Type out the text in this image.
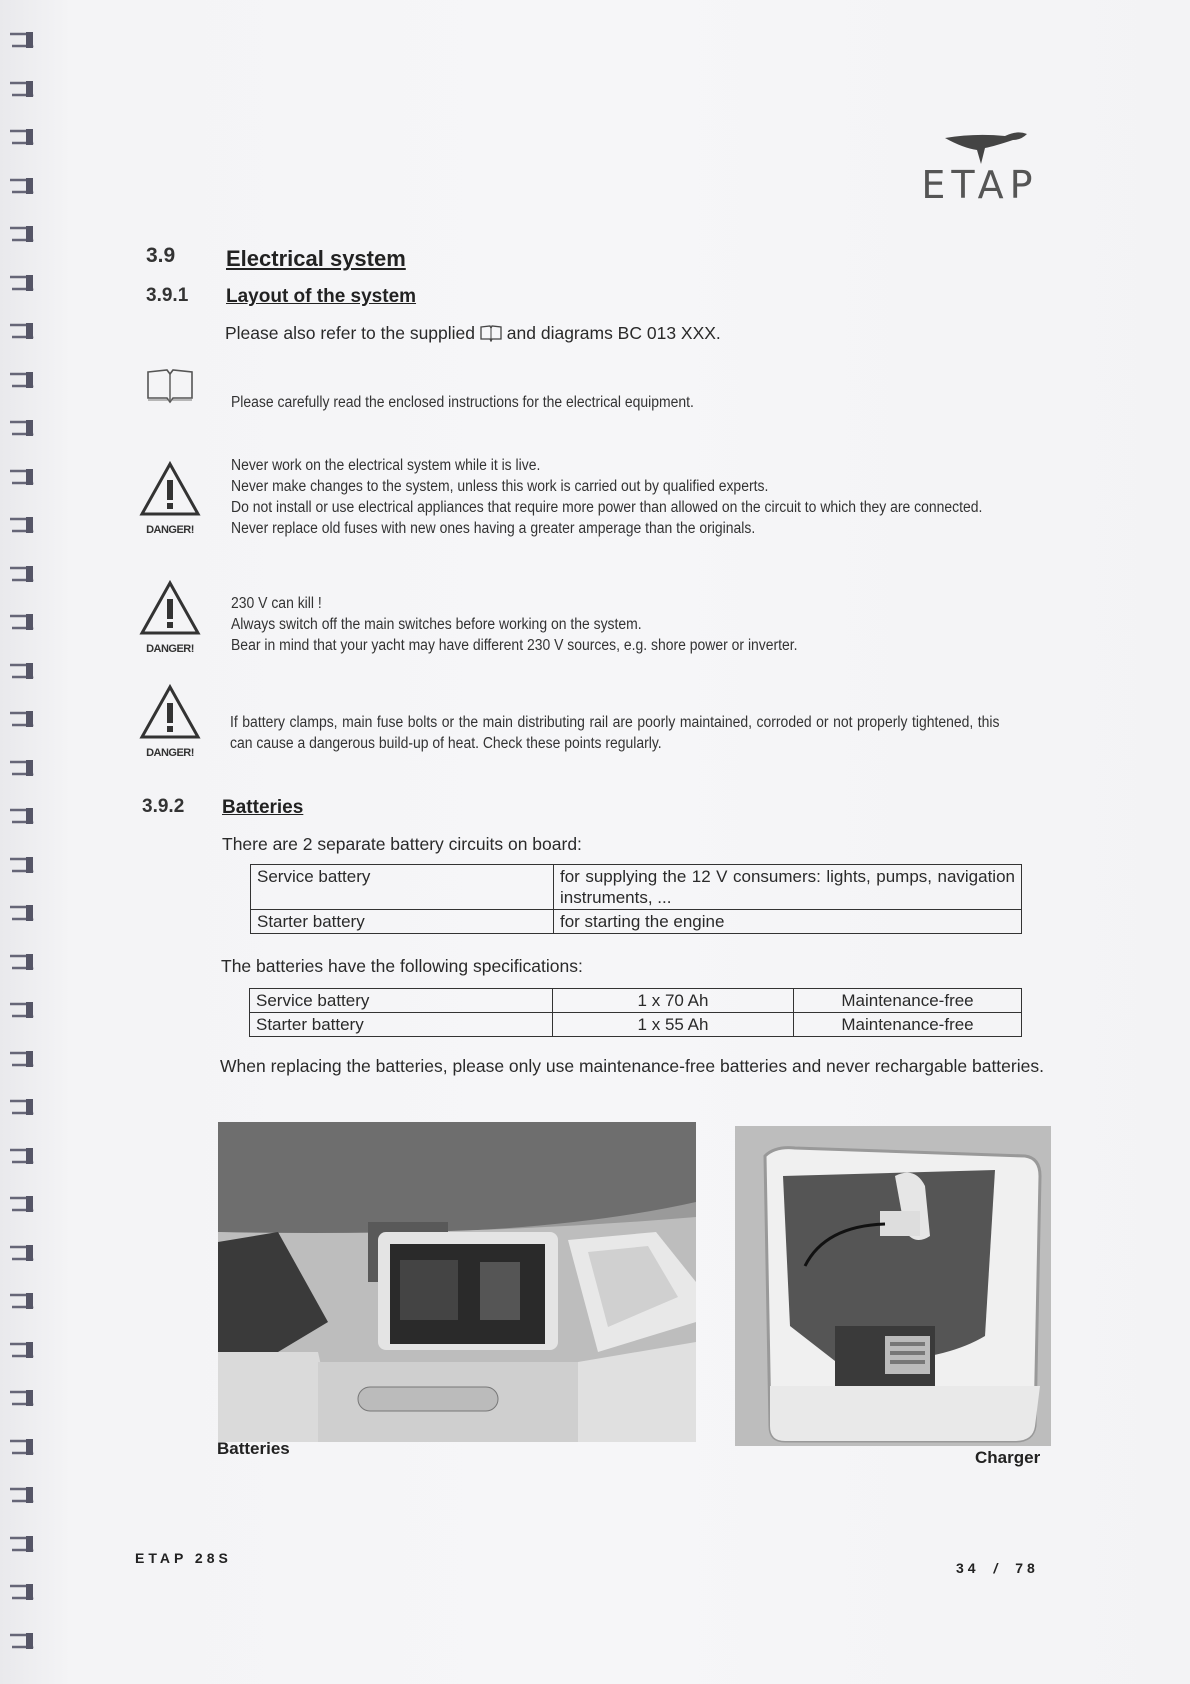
ETAP
3.9 Electrical system
3.9.1 Layout of the system
Please also refer to the supplied and diagrams BC 013 XXX.
Please carefully read the enclosed instructions for the electrical equipment.
DANGER!
Never work on the electrical system while it is live.
Never make changes to the system, unless this work is carried out by qualified experts.
Do not install or use electrical appliances that require more power than allowed on the circuit to which they are connected.
Never replace old fuses with new ones having a greater amperage than the originals.
DANGER!
230 V can kill !
Always switch off the main switches before working on the system.
Bear in mind that your yacht may have different 230 V sources, e.g. shore power or inverter.
DANGER!
If battery clamps, main fuse bolts or the main distributing rail are poorly maintained, corroded or not properly tightened, this can cause a dangerous build-up of heat. Check these points regularly.
3.9.2 Batteries
There are 2 separate battery circuits on board:
Service battery	for supplying the 12 V consumers: lights, pumps, navigation instruments, ...
Starter battery	for starting the engine
The batteries have the following specifications:
Service battery	1 x 70 Ah	Maintenance-free
Starter battery	1 x 55 Ah	Maintenance-free
When replacing the batteries, please only use maintenance-free batteries and never rechargable batteries.
Batteries	Charger
ETAP 28S
34 / 78
